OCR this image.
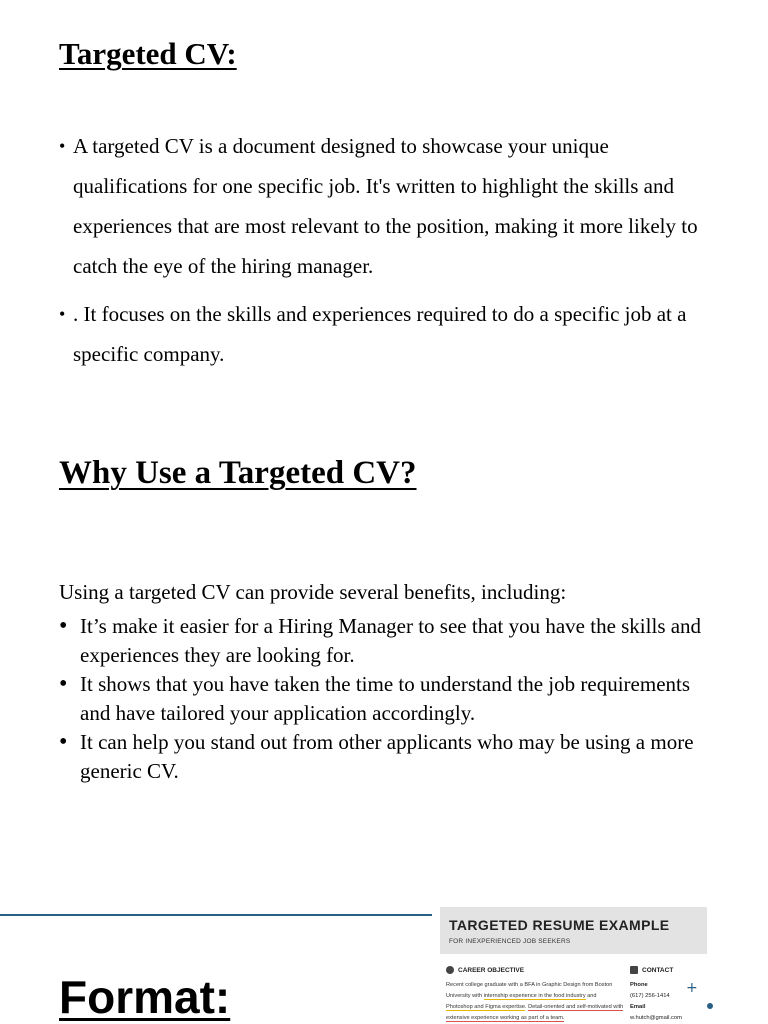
Targeted CV:
• A targeted CV is a document designed to showcase your unique qualifications for one specific job. It's written to highlight the skills and experiences that are most relevant to the position, making it more likely to catch the eye of the hiring manager.
• . It focuses on the skills and experiences required to do a specific job at a specific company.
Why Use a Targeted CV?
Using a targeted CV can provide several benefits, including:
• It’s make it easier for a Hiring Manager to see that you have the skills and experiences they are looking for.
• It shows that you have taken the time to understand the job requirements and have tailored your application accordingly.
• It can help you stand out from other applicants who may be using a more generic CV.
Format:
TARGETED RESUME EXAMPLE
FOR INEXPERIENCED JOB SEEKERS
CAREER OBJECTIVE
Recent college graduate with a BFA in Graphic Design from Boston University with internship experience in the food industry and Photoshop and Figma expertise. Detail-oriented and self-motivated with extensive experience working as part of a team.
CONTACT
Phone
(617) 256-1414
Email
w.hutch@gmail.com
+
